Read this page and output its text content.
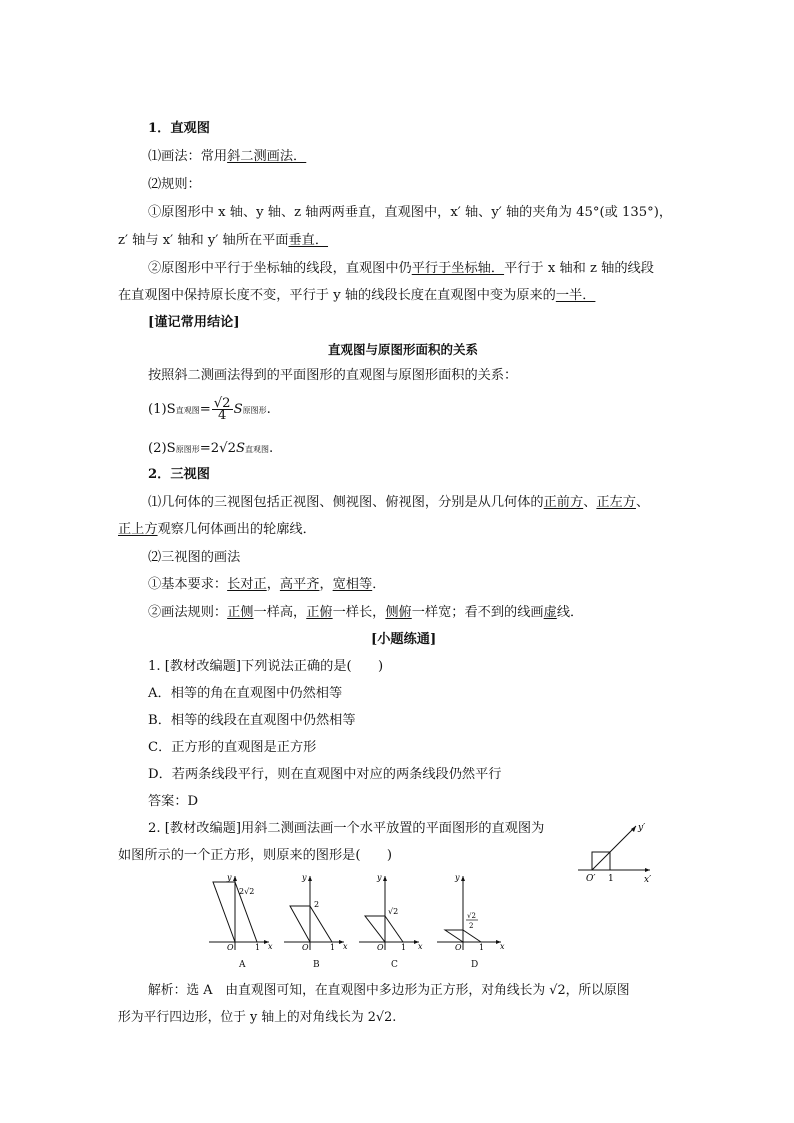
1．直观图
⑴画法：常用斜二测画法．
⑵规则：
①原图形中 x 轴、y 轴、z 轴两两垂直，直观图中，x′ 轴、y′ 轴的夹角为 45°(或 135°)，
z′ 轴与 x′ 轴和 y′ 轴所在平面垂直．
②原图形中平行于坐标轴的线段，直观图中仍平行于坐标轴．平行于 x 轴和 z 轴的线段
在直观图中保持原长度不变，平行于 y 轴的线段长度在直观图中变为原来的一半．
[谨记常用结论]
直观图与原图形面积的关系
按照斜二测画法得到的平面图形的直观图与原图形面积的关系：
(1)S直观图= $\frac{√2}{4}$ S原图形.
(2)S原图形=2√2S直观图.
2．三视图
⑴几何体的三视图包括正视图、侧视图、俯视图，分别是从几何体的正前方、正左方、
正上方观察几何体画出的轮廓线．
⑵三视图的画法
①基本要求：长对正，高平齐，宽相等．
②画法规则：正侧一样高，正俯一样长，侧俯一样宽；看不到的线画虚线．
[小题练通]
1. [教材改编题]下列说法正确的是(　　)
A．相等的角在直观图中仍然相等
B．相等的线段在直观图中仍然相等
C．正方形的直观图是正方形
D．若两条线段平行，则在直观图中对应的两条线段仍然平行
答案：D
2. [教材改编题]用斜二测画法画一个水平放置的平面图形的直观图为
如图所示的一个正方形，则原来的图形是(　　)
y′
x′
O′ 1
y
x
O	1
2√2
A
y
x
O	1
2
B
y
x
O 1
√2
C
y
x
O 1
√2
2
D
解析：选 A　由直观图可知，在直观图中多边形为正方形，对角线长为 √2，所以原图
形为平行四边形，位于 y 轴上的对角线长为 2√2.
